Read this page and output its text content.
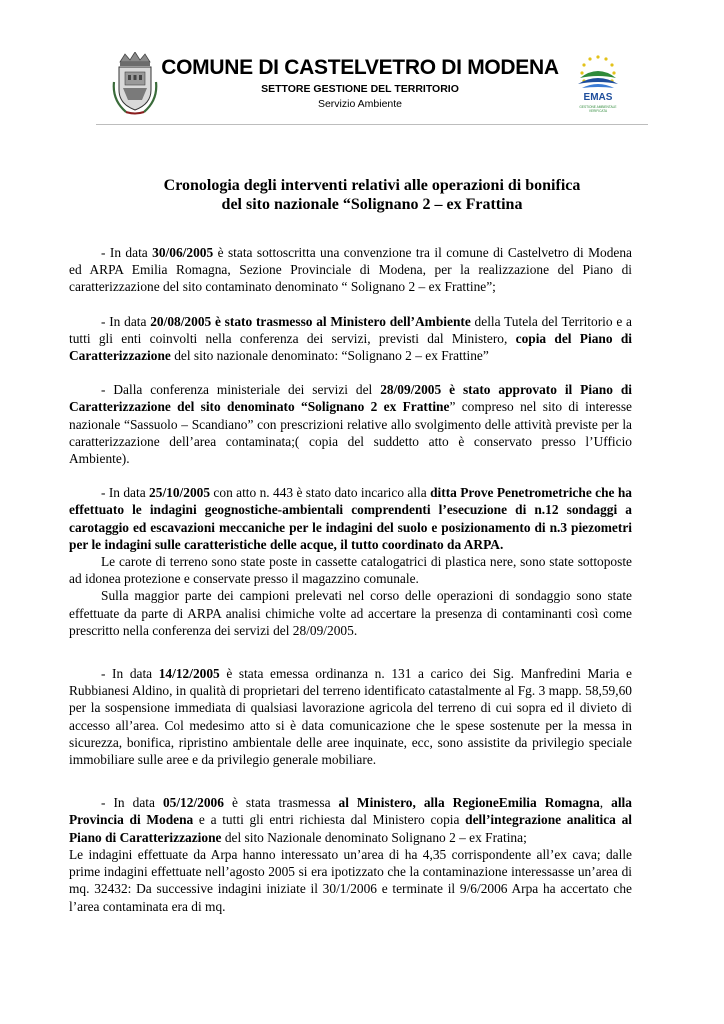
COMUNE DI CASTELVETRO DI MODENA
SETTORE GESTIONE DEL TERRITORIO
Servizio Ambiente
EMAS
GESTIONE AMBIENTALE VERIFICATA
Cronologia degli interventi relativi alle operazioni di bonifica
del sito nazionale “Solignano 2 – ex Frattina

- In data 30/06/2005 è stata sottoscritta una convenzione tra il comune di Castelvetro di Modena ed ARPA Emilia Romagna, Sezione Provinciale di Modena, per la realizzazione del Piano di caratterizzazione del sito contaminato denominato “ Solignano 2 – ex Frattine”;

- In data 20/08/2005 è stato trasmesso al Ministero dell’Ambiente della Tutela del Territorio e a tutti gli enti coinvolti nella conferenza dei servizi, previsti dal Ministero, copia del Piano di Caratterizzazione del sito nazionale denominato: “Solignano 2 – ex Frattine”

- Dalla conferenza ministeriale dei servizi del 28/09/2005 è stato approvato il Piano di Caratterizzazione del sito denominato “Solignano 2 ex Frattine” compreso nel sito di interesse nazionale “Sassuolo – Scandiano” con prescrizioni relative allo svolgimento delle attività previste per la caratterizzazione dell’area contaminata;( copia del suddetto atto è conservato presso l’Ufficio Ambiente).

- In data 25/10/2005 con atto n. 443 è stato dato incarico alla ditta Prove Penetrometriche che ha effettuato le indagini geognostiche-ambientali comprendenti l’esecuzione di n.12 sondaggi a carotaggio ed escavazioni meccaniche per le indagini del suolo e posizionamento di n.3 piezometri per le indagini sulle caratteristiche delle acque, il tutto coordinato da ARPA.

Le carote di terreno sono state poste in cassette catalogatrici di plastica nere, sono state sottoposte ad idonea protezione e conservate presso il magazzino comunale.

Sulla maggior parte dei campioni prelevati nel corso delle operazioni di sondaggio sono state effettuate da parte di ARPA analisi chimiche volte ad accertare la presenza di contaminanti così come prescritto nella conferenza dei servizi del 28/09/2005.

- In data 14/12/2005 è stata emessa ordinanza n. 131 a carico dei Sig. Manfredini Maria e Rubbianesi Aldino, in qualità di proprietari del terreno identificato catastalmente al Fg. 3 mapp. 58,59,60 per la sospensione immediata di qualsiasi lavorazione agricola del terreno di cui sopra ed il divieto di accesso all’area. Col medesimo atto si è data comunicazione che le spese sostenute per la messa in sicurezza, bonifica, ripristino ambientale delle aree inquinate, ecc, sono assistite da privilegio speciale immobiliare sulle aree e da privilegio generale mobiliare.

- In data 05/12/2006 è stata trasmessa al Ministero, alla RegioneEmilia Romagna, alla Provincia di Modena e a tutti gli entri richiesta dal Ministero copia dell’integrazione analitica al Piano di Caratterizzazione del sito Nazionale denominato Solignano 2 – ex Fratina;

Le indagini effettuate da Arpa hanno interessato un’area di ha 4,35 corrispondente all’ex cava; dalle prime indagini effettuate nell’agosto 2005 si era ipotizzato che la contaminazione interessasse un’area di mq. 32432: Da successive indagini iniziate il 30/1/2006 e terminate il 9/6/2006 Arpa ha accertato che l’area contaminata era di mq.
